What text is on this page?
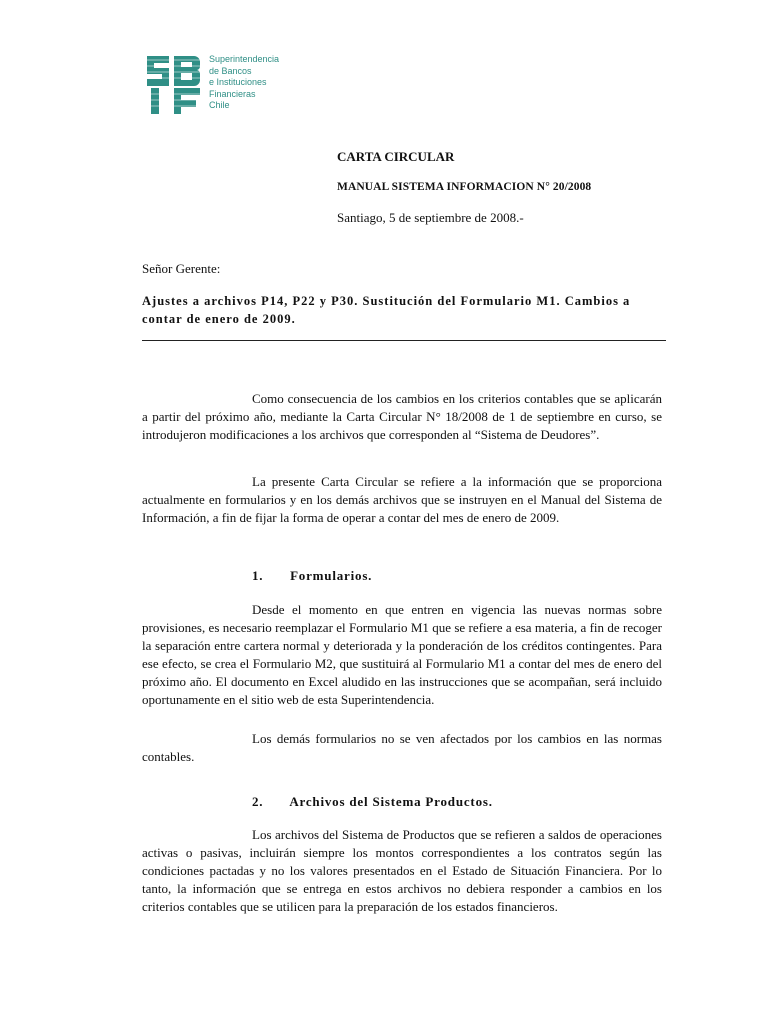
Superintendencia
de Bancos
e Instituciones
Financieras
Chile
CARTA CIRCULAR
MANUAL SISTEMA INFORMACION N° 20/2008
Santiago, 5 de septiembre de 2008.-
Señor Gerente:
Ajustes a archivos P14, P22 y P30. Sustitución del Formulario M1. Cambios a contar de enero de 2009.
Como consecuencia de los cambios en los criterios contables que se aplicarán a partir del próximo año, mediante la Carta Circular N° 18/2008 de 1 de septiembre en curso, se introdujeron modificaciones a los archivos que corresponden al “Sistema de Deudores”.
La presente Carta Circular se refiere a la información que se proporciona actualmente en formularios y en los demás archivos que se instruyen en el Manual del Sistema de Información, a fin de fijar la forma de operar a contar del mes de enero de 2009.
1. Formularios.
Desde el momento en que entren en vigencia las nuevas normas sobre provisiones, es necesario reemplazar el Formulario M1 que se refiere a esa materia, a fin de recoger la separación entre cartera normal y deteriorada y la ponderación de los créditos contingentes. Para ese efecto, se crea el Formulario M2, que sustituirá al Formulario M1 a contar del mes de enero del próximo año. El documento en Excel aludido en las instrucciones que se acompañan, será incluido oportunamente en el sitio web de esta Superintendencia.
Los demás formularios no se ven afectados por los cambios en las normas contables.
2. Archivos del Sistema Productos.
Los archivos del Sistema de Productos que se refieren a saldos de operaciones activas o pasivas, incluirán siempre los montos correspondientes a los contratos según las condiciones pactadas y no los valores presentados en el Estado de Situación Financiera. Por lo tanto, la información que se entrega en estos archivos no debiera responder a cambios en los criterios contables que se utilicen para la preparación de los estados financieros.
